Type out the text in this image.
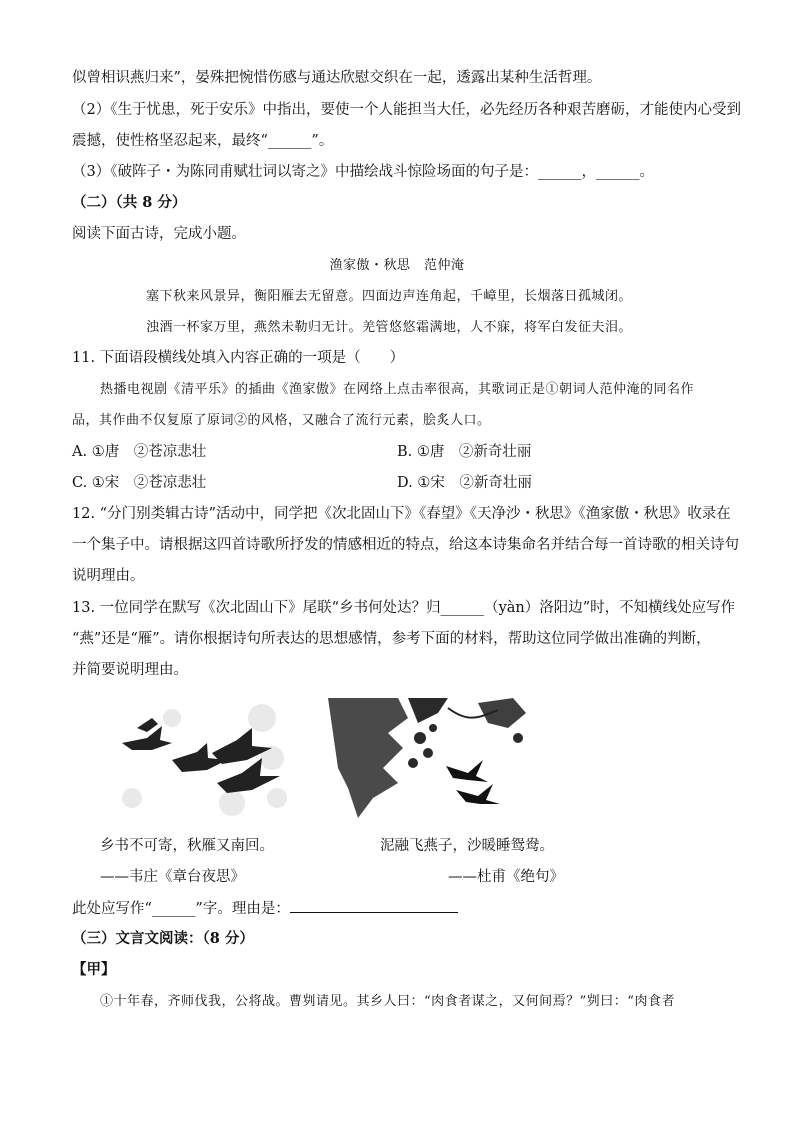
似曾相识燕归来”，晏殊把惋惜伤感与通达欣慰交织在一起，透露出某种生活哲理。
（2）《生于忧患，死于安乐》中指出，要使一个人能担当大任，必先经历各种艰苦磨砺，才能使内心受到
震撼，使性格坚忍起来，最终“______”。
（3）《破阵子・为陈同甫赋壮词以寄之》中描绘战斗惊险场面的句子是：______，______。
（二）（共 8 分）
阅读下面古诗，完成小题。
渔家傲・秋思　范仲淹
塞下秋来风景异，衡阳雁去无留意。四面边声连角起，千嶂里，长烟落日孤城闭。
浊酒一杯家万里，燕然未勒归无计。羌管悠悠霜满地，人不寐，将军白发征夫泪。
11. 下面语段横线处填入内容正确的一项是（　　）
热播电视剧《清平乐》的插曲《渔家傲》在网络上点击率很高，其歌词正是①朝词人范仲淹的同名作
品，其作曲不仅复原了原词②的风格，又融合了流行元素，脍炙人口。
A. ①唐　②苍凉悲壮	B. ①唐　②新奇壮丽
C. ①宋　②苍凉悲壮	D. ①宋　②新奇壮丽
12. “分门别类辑古诗”活动中，同学把《次北固山下》《春望》《天净沙・秋思》《渔家傲・秋思》收录在
一个集子中。请根据这四首诗歌所抒发的情感相近的特点，给这本诗集命名并结合每一首诗歌的相关诗句
说明理由。
13. 一位同学在默写《次北固山下》尾联“乡书何处达？归______（yàn）洛阳边”时，不知横线处应写作
“燕”还是“雁”。请你根据诗句所表达的思想感情，参考下面的材料，帮助这位同学做出准确的判断，
并简要说明理由。
乡书不可寄，秋雁又南回。	泥融飞燕子，沙暖睡鸳鸯。
——韦庄《章台夜思》	——杜甫《绝句》
此处应写作“______”字。理由是：
（三）文言文阅读：（8 分）
【甲】
①十年春，齐师伐我，公将战。曹刿请见。其乡人曰：“肉食者谋之，又何间焉？”刿曰：“肉食者
